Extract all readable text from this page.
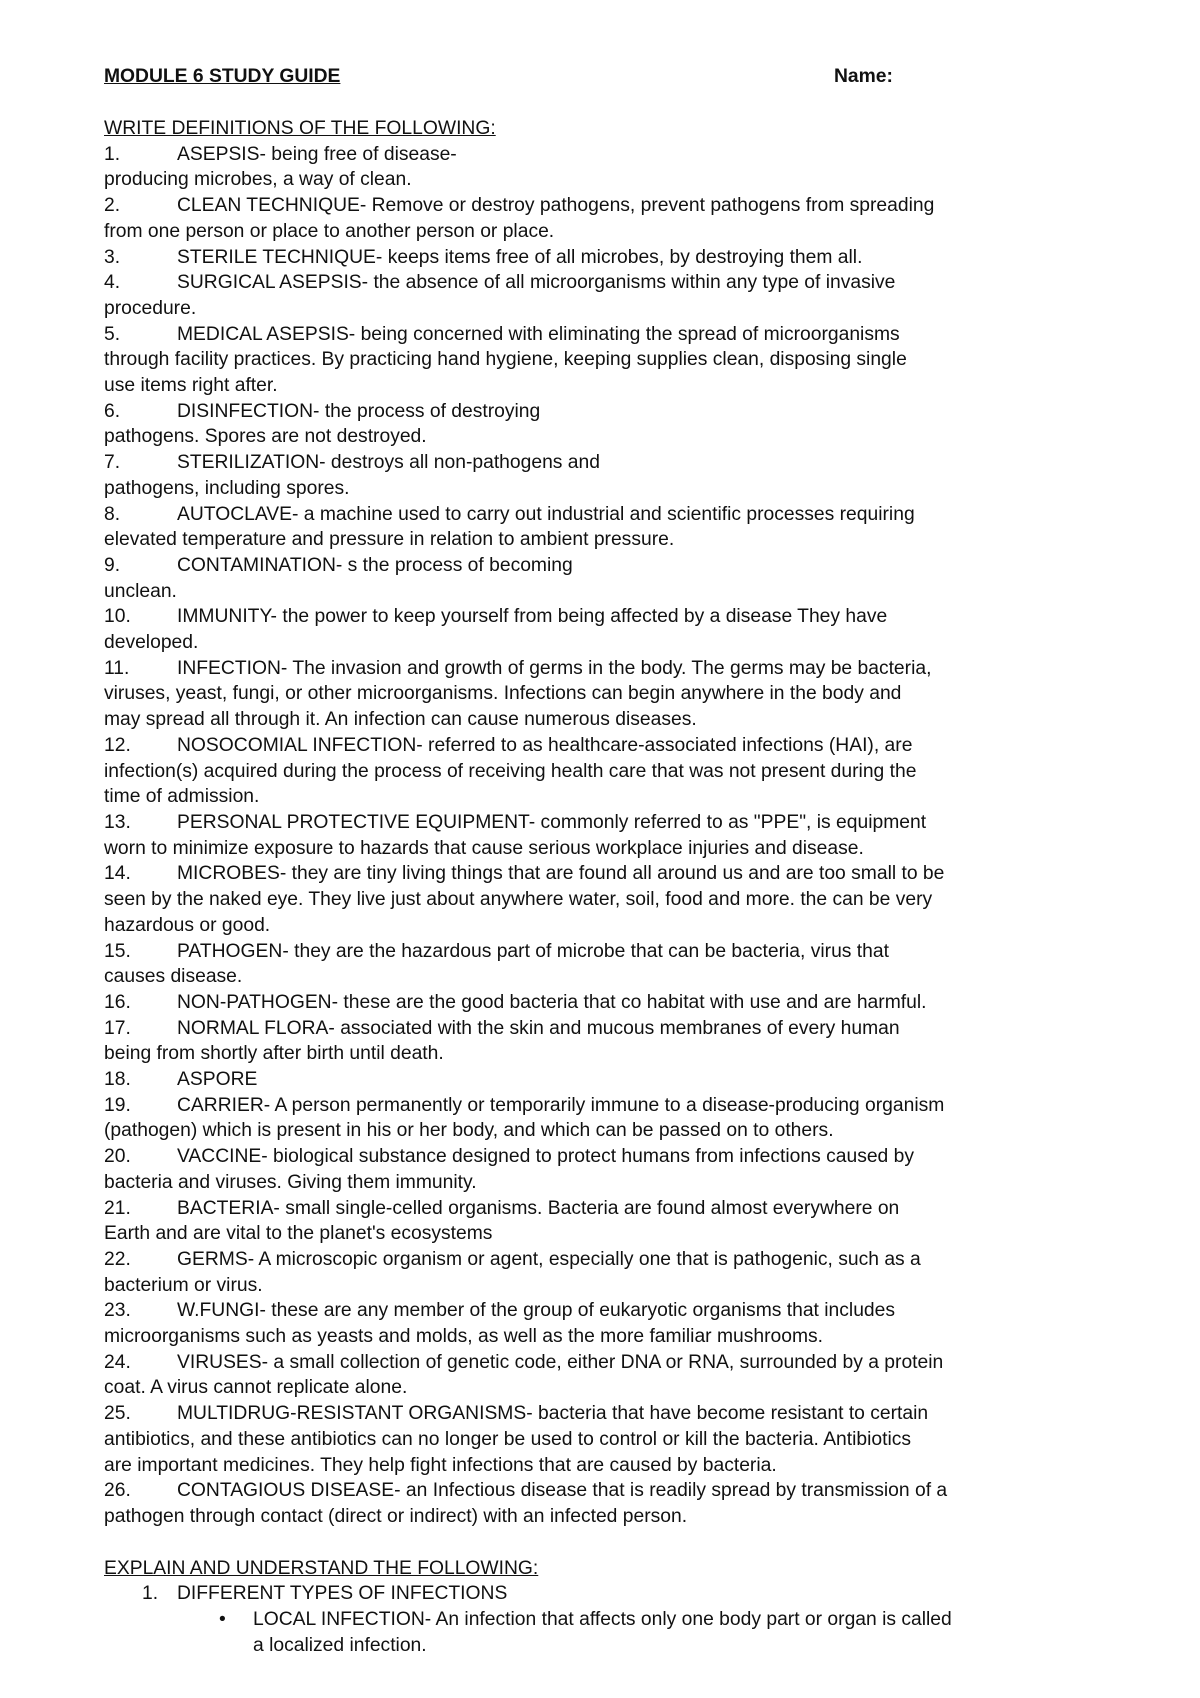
MODULE 6 STUDY GUIDE	Name:
WRITE DEFINITIONS OF THE FOLLOWING:
1.	ASEPSIS- being free of disease-
producing microbes, a way of clean.
2.	CLEAN TECHNIQUE- Remove or destroy pathogens, prevent pathogens from spreading
from one person or place to another person or place.
3.	STERILE TECHNIQUE- keeps items free of all microbes, by destroying them all.
4.	SURGICAL ASEPSIS- the absence of all microorganisms within any type of invasive
procedure.
5.	MEDICAL ASEPSIS- being concerned with eliminating the spread of microorganisms
through facility practices. By practicing hand hygiene, keeping supplies clean, disposing single
use items right after.
6.	DISINFECTION- the process of destroying
pathogens. Spores are not destroyed.
7.	STERILIZATION- destroys all non-pathogens and
pathogens, including spores.
8.	AUTOCLAVE- a machine used to carry out industrial and scientific processes requiring
elevated temperature and pressure in relation to ambient pressure.
9.	CONTAMINATION- s the process of becoming
unclean.
10. IMMUNITY- the power to keep yourself from being affected by a disease They have
developed.
11. INFECTION- The invasion and growth of germs in the body. The germs may be bacteria,
viruses, yeast, fungi, or other microorganisms. Infections can begin anywhere in the body and
may spread all through it. An infection can cause numerous diseases.
12. NOSOCOMIAL INFECTION- referred to as healthcare-associated infections (HAI), are
infection(s) acquired during the process of receiving health care that was not present during the
time of admission.
13. PERSONAL PROTECTIVE EQUIPMENT- commonly referred to as "PPE", is equipment
worn to minimize exposure to hazards that cause serious workplace injuries and disease.
14. MICROBES- they are tiny living things that are found all around us and are too small to be
seen by the naked eye. They live just about anywhere water, soil, food and more. the can be very
hazardous or good.
15. PATHOGEN- they are the hazardous part of microbe that can be bacteria, virus that
causes disease.
16. NON-PATHOGEN- these are the good bacteria that co habitat with use and are harmful.
17. NORMAL FLORA- associated with the skin and mucous membranes of every human
being from shortly after birth until death.
18. ASPORE
19. CARRIER- A person permanently or temporarily immune to a disease-producing organism
(pathogen) which is present in his or her body, and which can be passed on to others.
20. VACCINE- biological substance designed to protect humans from infections caused by
bacteria and viruses. Giving them immunity.
21. BACTERIA- small single-celled organisms. Bacteria are found almost everywhere on
Earth and are vital to the planet's ecosystems
22. GERMS- A microscopic organism or agent, especially one that is pathogenic, such as a
bacterium or virus.
23. W.FUNGI- these are any member of the group of eukaryotic organisms that includes
microorganisms such as yeasts and molds, as well as the more familiar mushrooms.
24. VIRUSES- a small collection of genetic code, either DNA or RNA, surrounded by a protein
coat. A virus cannot replicate alone.
25. MULTIDRUG-RESISTANT ORGANISMS- bacteria that have become resistant to certain
antibiotics, and these antibiotics can no longer be used to control or kill the bacteria. Antibiotics
are important medicines. They help fight infections that are caused by bacteria.
26. CONTAGIOUS DISEASE- an Infectious disease that is readily spread by transmission of a
pathogen through contact (direct or indirect) with an infected person.
EXPLAIN AND UNDERSTAND THE FOLLOWING:
1. DIFFERENT TYPES OF INFECTIONS
• LOCAL INFECTION- An infection that affects only one body part or organ is called
a localized infection.
